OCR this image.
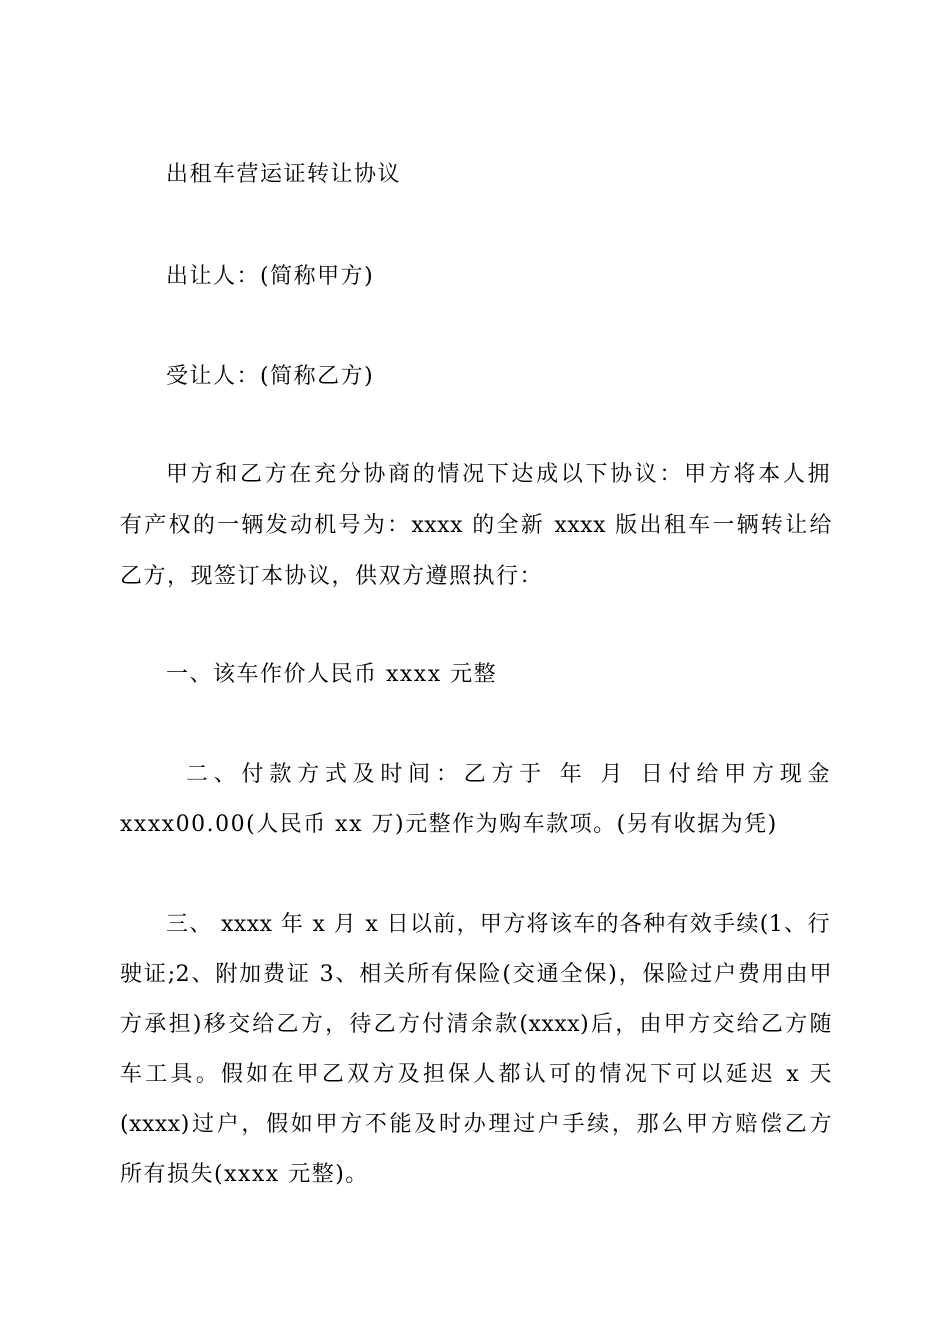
出租车营运证转让协议
出让人：(简称甲方)
受让人：(简称乙方)
甲方和乙方在充分协商的情况下达成以下协议：甲方将本人拥
有产权的一辆发动机号为：xxxx 的全新 xxxx 版出租车一辆转让给
乙方，现签订本协议，供双方遵照执行：
一、该车作价人民币 xxxx 元整
二、付款方式及时间：乙方于 年 月 日付给甲方现金
xxxx00.00(人民币 xx 万)元整作为购车款项。(另有收据为凭)
三、 xxxx 年 x 月 x 日以前，甲方将该车的各种有效手续(1、行
驶证;2、附加费证 3、相关所有保险(交通全保)，保险过户费用由甲
方承担)移交给乙方，待乙方付清余款(xxxx)后，由甲方交给乙方随
车工具。假如在甲乙双方及担保人都认可的情况下可以延迟 x 天
(xxxx)过户，假如甲方不能及时办理过户手续，那么甲方赔偿乙方
所有损失(xxxx 元整)。
